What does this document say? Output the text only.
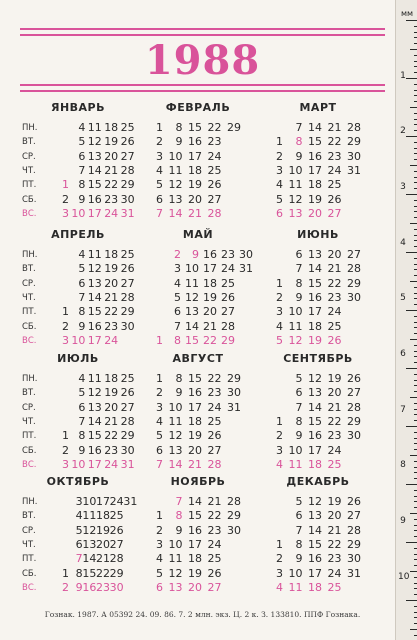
1988
ЯНВАРЬ
1
2
3
4
5
6
7
8
9
10
11
12
13
14
15
16
17
18
19
20
21
22
23
24
25
26
27
28
29
30
31
ПН.
ВТ.
СР.
ЧТ.
ПТ.
СБ.
ВС.
ФЕВРАЛЬ
1
2
3
4
5
6
7
8
9
10
11
12
13
14
15
16
17
18
19
20
21
22
23
24
25
26
27
28
29
МАРТ
1
2
3
4
5
6
7
8
9
10
11
12
13
14
15
16
17
18
19
20
21
22
23
24
25
26
27
28
29
30
31
АПРЕЛЬ
1
2
3
4
5
6
7
8
9
10
11
12
13
14
15
16
17
18
19
20
21
22
23
24
25
26
27
28
29
30
ПН.
ВТ.
СР.
ЧТ.
ПТ.
СБ.
ВС.
МАЙ
1
2
3
4
5
6
7
8
9
10
11
12
13
14
15
16
17
18
19
20
21
22
23
24
25
26
27
28
29
30
31
ИЮНЬ
1
2
3
4
5
6
7
8
9
10
11
12
13
14
15
16
17
18
19
20
21
22
23
24
25
26
27
28
29
30
ИЮЛЬ
1
2
3
4
5
6
7
8
9
10
11
12
13
14
15
16
17
18
19
20
21
22
23
24
25
26
27
28
29
30
31
ПН.
ВТ.
СР.
ЧТ.
ПТ.
СБ.
ВС.
АВГУСТ
1
2
3
4
5
6
7
8
9
10
11
12
13
14
15
16
17
18
19
20
21
22
23
24
25
26
27
28
29
30
31
СЕНТЯБРЬ
1
2
3
4
5
6
7
8
9
10
11
12
13
14
15
16
17
18
19
20
21
22
23
24
25
26
27
28
29
30
ОКТЯБРЬ
1
2
3
4
5
6
7
8
9
10
11
12
13
14
15
16
17
18
19
20
21
22
23
24
25
26
27
28
29
30
31
ПН.
ВТ.
СР.
ЧТ.
ПТ.
СБ.
ВС.
НОЯБРЬ
1
2
3
4
5
6
7
8
9
10
11
12
13
14
15
16
17
18
19
20
21
22
23
24
25
26
27
28
29
30
ДЕКАБРЬ
1
2
3
4
5
6
7
8
9
10
11
12
13
14
15
16
17
18
19
20
21
22
23
24
25
26
27
28
29
30
31
Гознак. 1987. А 05392 24. 09. 86. 7. 2 млн. экз. Ц. 2 к. З. 133810. ППФ Гознака.
мм
1
2
3
4
5
6
7
8
9
10
